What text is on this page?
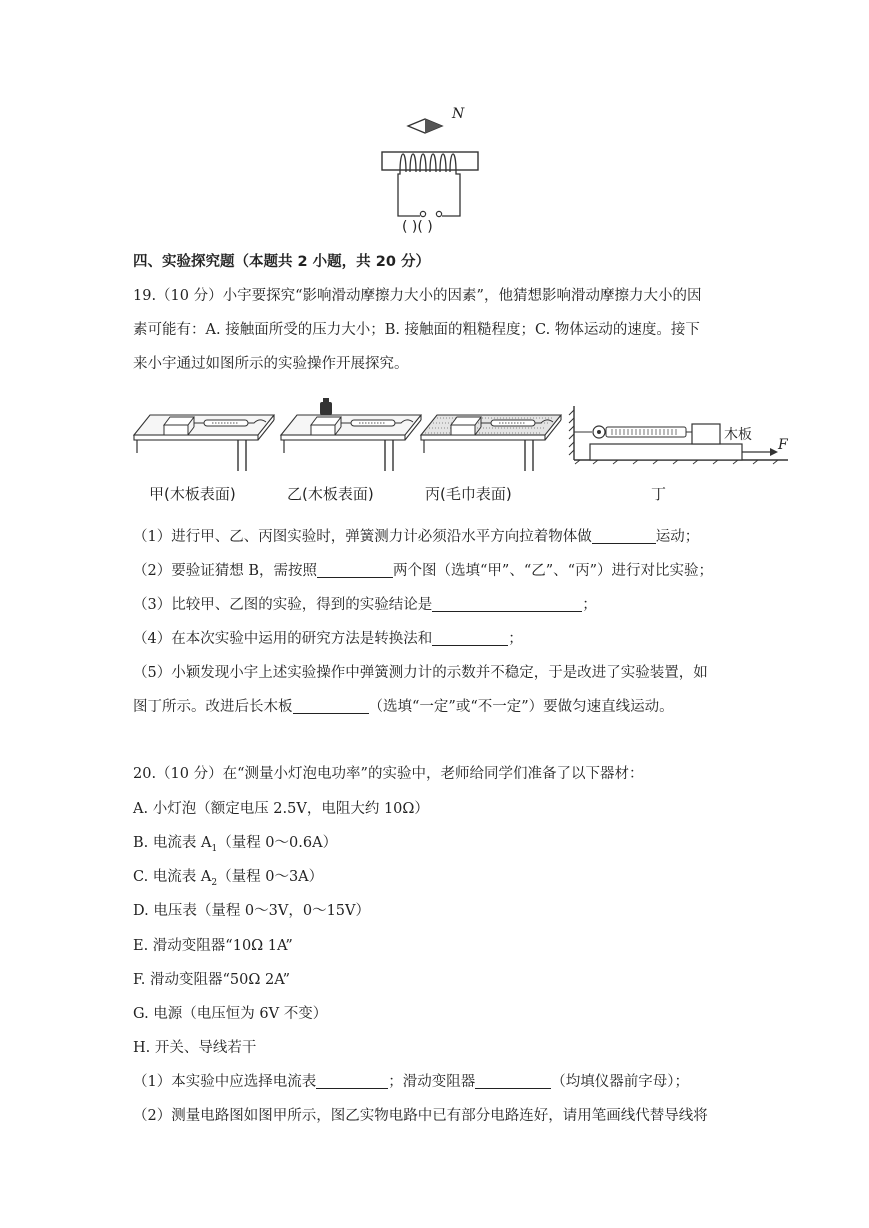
N
( )( )
四、实验探究题（本题共 2 小题，共 20 分）
19.（10 分）小宇要探究“影响滑动摩擦力大小的因素”，他猜想影响滑动摩擦力大小的因
素可能有：A. 接触面所受的压力大小；B. 接触面的粗糙程度；C. 物体运动的速度。接下
来小宇通过如图所示的实验操作开展探究。
木板
F
甲(木板表面)	乙(木板表面)	丙(毛巾表面)	丁
（1）进行甲、乙、丙图实验时，弹簧测力计必须沿水平方向拉着物体做	运动；
（2）要验证猜想 B，需按照	两个图（选填“甲”、“乙”、“丙”）进行对比实验；
（3）比较甲、乙图的实验，得到的实验结论是	；
（4）在本次实验中运用的研究方法是转换法和	；
（5）小颖发现小宇上述实验操作中弹簧测力计的示数并不稳定，于是改进了实验装置，如
图丁所示。改进后长木板	（选填“一定”或“不一定”）要做匀速直线运动。
20.（10 分）在“测量小灯泡电功率”的实验中，老师给同学们准备了以下器材：
A. 小灯泡（额定电压 2.5V，电阻大约 10Ω）
B. 电流表 $A_1$（量程 0～0.6A）
C. 电流表 $A_2$（量程 0～3A）
D. 电压表（量程 0～3V，0～15V）
E. 滑动变阻器“10Ω 1A”
F. 滑动变阻器“50Ω 2A”
G. 电源（电压恒为 6V 不变）
H. 开关、导线若干
（1）本实验中应选择电流表	；滑动变阻器	（均填仪器前字母）；
（2）测量电路图如图甲所示，图乙实物电路中已有部分电路连好，请用笔画线代替导线将
